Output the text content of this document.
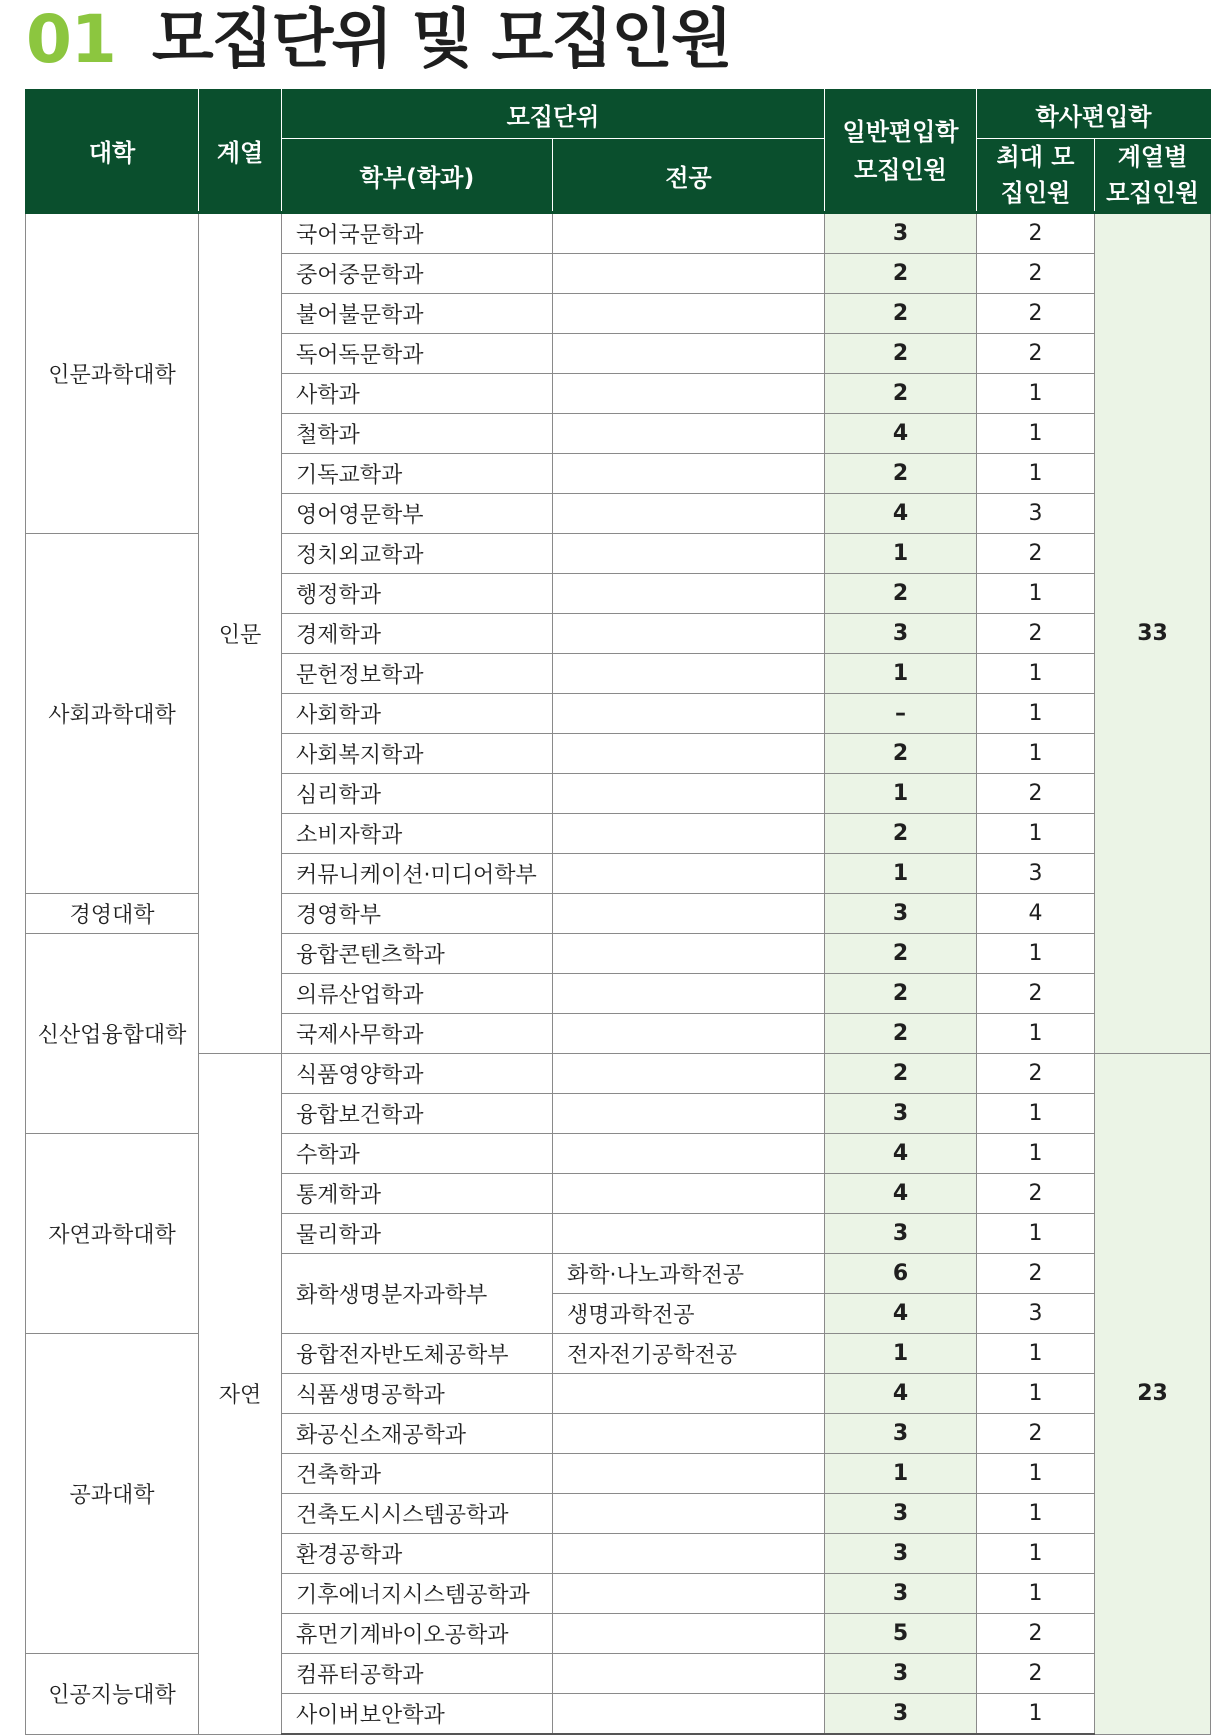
01 모집단위 및 모집인원
대학	계열	모집단위		일반편입학 모집인원	학사편입학	
		학부(학과)	전공		최대 모집인원	계열별 모집인원
인문과학대학	인문	국어국문학과		3	2	33
		중어중문학과		2	2	
		불어불문학과		2	2	
		독어독문학과		2	2	
		사학과		2	1	
		철학과		4	1	
		기독교학과		2	1	
		영어영문학부		4	3	
사회과학대학		정치외교학과		1	2	
		행정학과		2	1	
		경제학과		3	2	
		문헌정보학과		1	1	
		사회학과		–	1	
		사회복지학과		2	1	
		심리학과		1	2	
		소비자학과		2	1	
		커뮤니케이션·미디어학부		1	3	
경영대학		경영학부		3	4	
신산업융합대학		융합콘텐츠학과		2	1	
		의류산업학과		2	2	
		국제사무학과		2	1	
	자연	식품영양학과		2	2	23
		융합보건학과		3	1	
자연과학대학		수학과		4	1	
		통계학과		4	2	
		물리학과		3	1	
		화학생명분자과학부	화학·나노과학전공	6	2	
			생명과학전공	4	3	
공과대학		융합전자반도체공학부	전자전기공학전공	1	1	
		식품생명공학과		4	1	
		화공신소재공학과		3	2	
		건축학과		1	1	
		건축도시시스템공학과		3	1	
		환경공학과		3	1	
		기후에너지시스템공학과		3	1	
		휴먼기계바이오공학과		5	2	
인공지능대학		컴퓨터공학과		3	2	
		사이버보안학과		3	1	
